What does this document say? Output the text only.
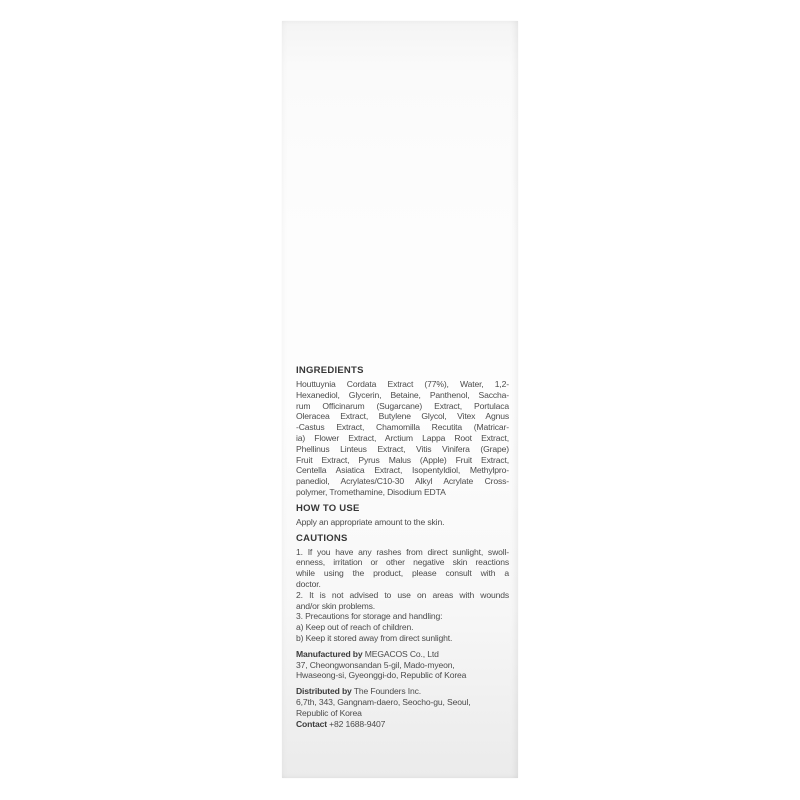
INGREDIENTS
Houttuynia Cordata Extract (77%), Water, 1,2-
Hexanediol, Glycerin, Betaine, Panthenol, Saccha-
rum Officinarum (Sugarcane) Extract, Portulaca
Oleracea Extract, Butylene Glycol, Vitex Agnus
-Castus Extract, Chamomilla Recutita (Matricar-
ia) Flower Extract, Arctium Lappa Root Extract,
Phellinus Linteus Extract, Vitis Vinifera (Grape)
Fruit Extract, Pyrus Malus (Apple) Fruit Extract,
Centella Asiatica Extract, Isopentyldiol, Methylpro-
panediol, Acrylates/C10-30 Alkyl Acrylate Cross-
polymer, Tromethamine, Disodium EDTA
HOW TO USE
Apply an appropriate amount to the skin.
CAUTIONS
1. If you have any rashes from direct sunlight, swoll-
enness, irritation or other negative skin reactions
while using the product, please consult with a
doctor.
2. It is not advised to use on areas with wounds
and/or skin problems.
3. Precautions for storage and handling:
a) Keep out of reach of children.
b) Keep it stored away from direct sunlight.
Manufactured by MEGACOS Co., Ltd
37, Cheongwonsandan 5-gil, Mado-myeon,
Hwaseong-si, Gyeonggi-do, Republic of Korea
Distributed by The Founders Inc.
6,7th, 343, Gangnam-daero, Seocho-gu, Seoul,
Republic of Korea
Contact +82 1688-9407
